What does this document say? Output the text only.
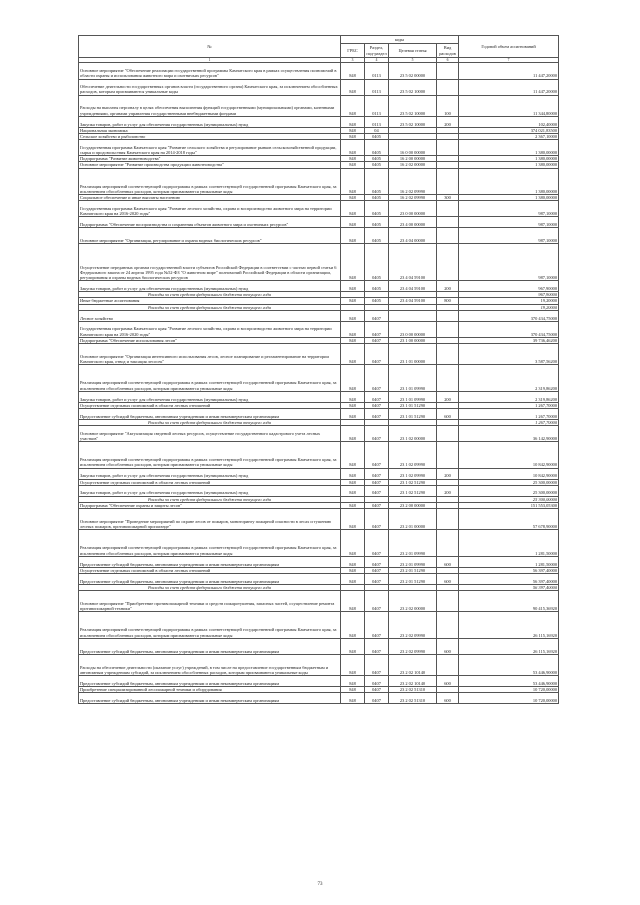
№	коды				Годовой объем ассигнований
	ГРБС	Раздел, под-раздел	Целевая статья	Вид расходов	
1	3	4	5	6	7
Основное мероприятие "Обеспечение реализации государственной программы Камчатского края в рамках осуществления полномочий в области охраны и использования животного мира и охотничьих ресурсов"	848	0113	23 5 02 00000		11 447,20000
Обеспечение деятельности государственных органов власти (государственного органа) Камчатского края, за исключением обособленных расходов, которым присваиваются уникальные коды	848	0113	23 5 02 10000		11 447,20000
Расходы на выплаты персоналу в целях обеспечения выполнения функций государственными (муниципальными) органами, казенными учреждениями, органами управления государственными внебюджетными фондами	848	0113	23 5 02 10000	100	11 344,80000
Закупка товаров, работ и услуг для обеспечения государственных (муниципальных) нужд	848	0113	23 5 02 10000	200	102,40000
Национальная экономика	848	04			374 021,83500
Сельское хозяйство и рыболовство	848	0405			2 367,10000
Государственная программа Камчатского края "Развитие сельского хозяйства и регулирование рынков сельскохозяйственной продукции, сырья и продовольствия Камчатского края на 2014-2018 годы"	848	0405	16 0 00 00000		1 380,00000
Подпрограмма "Развитие животноводства"	848	0405	16 2 00 00000		1 380,00000
Основное мероприятие "Развитие производства продукции животноводства"	848	0405	16 2 02 00000		1 380,00000
Реализация мероприятий соответствующей подпрограммы в рамках соответствующей государственной программы Камчатского края, за исключением обособленных расходов, которым присваиваются уникальные коды	848	0405	16 2 02 09990		1 380,00000
Социальное обеспечение и иные выплаты населению	848	0405	16 2 02 09990	300	1 380,00000
Государственная программа Камчатского края "Развитие лесного хозяйства, охрана и воспроизводство животного мира на территории Камчатского края на 2016-2020 годы"	848	0405	23 0 00 00000		987,10000
Подпрограмма "Обеспечение воспроизводства и сохранения объектов животного мира и охотничьих ресурсов"	848	0405	23 4 00 00000		987,10000
Основное мероприятие "Организация, регулирование и охрана водных биологических ресурсов"	848	0405	23 4 04 00000		987,10000
Осуществление переданных органам государственной власти субъектов Российской Федерации в соответствии с частью первой статьи 6 Федерального закона от 24 апреля 1995 года №52-ФЗ "О животном мире" полномочий Российской Федерации в области организации, регулирования и охраны водных биологических ресурсов	848	0405	23 4 04 59100		987,10000
Закупка товаров, работ и услуг для обеспечения государственных (муниципальных) нужд	848	0405	23 4 04 59100	200	967,90000
Расходы за счет средств федерального бюджета текущего года					967,90000
Иные бюджетные ассигнования	848	0405	23 4 04 59100	800	19,20000
Расходы за счет средств федерального бюджета текущего года					19,20000
Лесное хозяйство	848	0407			370 434,75000
Государственная программа Камчатского края "Развитие лесного хозяйства, охрана и воспроизводство животного мира на территории Камчатского края на 2016-2020 годы"	848	0407	23 0 00 00000		370 434,75000
Подпрограмма "Обеспечение использования лесов"	848	0407	23 1 00 00000		39 736,46200
Основное мероприятие "Организация интенсивного использования лесов, лесное планирование и регламентирование на территории Камчатского края, отвод и таксация лесосек"	848	0407	23 1 01 00000		3 587,56200
Реализация мероприятий соответствующей подпрограммы в рамках соответствующей государственной программы Камчатского края, за исключением обособленных расходов, которым присваиваются уникальные коды	848	0407	23 1 01 09990		2 319,86200
Закупка товаров, работ и услуг для обеспечения государственных (муниципальных) нужд	848	0407	23 1 01 09990	200	2 319,86200
Осуществление отдельных полномочий в области лесных отношений	848	0407	23 1 01 51290		1 267,70000
Предоставление субсидий бюджетным, автономным учреждениям и иным некоммерческим организациям	848	0407	23 1 01 51290	600	1 267,70000
Расходы за счет средств федерального бюджета текущего года					1 267,70000
Основное мероприятие "Актуализация сведений лесных ресурсов, осуществление государственного кадастрового учета лесных участков"	848	0407	23 1 02 00000		36 142,90000
Реализация мероприятий соответствующей подпрограммы в рамках соответствующей государственной программы Камчатского края, за исключением обособленных расходов, которым присваиваются уникальные коды	848	0407	23 1 02 09990		10 842,90000
Закупка товаров, работ и услуг для обеспечения государственных (муниципальных) нужд	848	0407	23 1 02 09990	200	10 842,90000
Осуществление отдельных полномочий в области лесных отношений	848	0407	23 1 02 51290		25 300,00000
Закупка товаров, работ и услуг для обеспечения государственных (муниципальных) нужд	848	0407	23 1 02 51290	200	25 300,00000
Расходы за счет средств федерального бюджета текущего года					25 300,00000
Подпрограмма "Обеспечение охраны и защиты лесов"	848	0407	23 2 00 00000		151 553,05300
Основное мероприятие "Проведение мероприятий по охране лесов от пожаров, мониторингу пожарной опасности в лесах и тушению лесных пожаров, противопожарной пропаганде"	848	0407	23 2 01 00000		57 678,90000
Реализация мероприятий соответствующей подпрограммы в рамках соответствующей государственной программы Камчатского края, за исключением обособленных расходов, которым присваиваются уникальные коды	848	0407	23 2 01 09990		1 281,50000
Предоставление субсидий бюджетным, автономным учреждениям и иным некоммерческим организациям	848	0407	23 2 01 09990	600	1 281,50000
Осуществление отдельных полномочий в области лесных отношений	848	0407	23 2 01 51290		56 397,40000
Предоставление субсидий бюджетным, автономным учреждениям и иным некоммерческим организациям	848	0407	23 2 01 51290	600	56 397,40000
Расходы за счет средств федерального бюджета текущего года					56 397,40000
Основное мероприятие "Приобретение противопожарной техники и средств пожаротушения, запасных частей, осуществление ремонта противопожарной техники"	848	0407	23 2 02 00000		90 415,36920
Реализация мероприятий соответствующей подпрограммы в рамках соответствующей государственной программы Камчатского края, за исключением обособленных расходов, которым присваиваются уникальные коды	848	0407	23 2 02 09990		26 115,16920
Предоставление субсидий бюджетным, автономным учреждениям и иным некоммерческим организациям	848	0407	23 2 02 09990	600	26 115,16920
Расходы на обеспечение деятельности (оказание услуг) учреждений, в том числе на предоставление государственным бюджетным и автономным учреждениям субсидий, за исключением обособленных расходов, которым присваиваются уникальные коды	848	0407	23 2 02 10140		53 446,90000
Предоставление субсидий бюджетным, автономным учреждениям и иным некоммерческим организациям	848	0407	23 2 02 10140	600	53 446,90000
Приобретение специализированной лесопожарной техники и оборудования	848	0407	23 2 02 51310		10 720,00000
Предоставление субсидий бюджетным, автономным учреждениям и иным некоммерческим организациям	848	0407	23 2 02 51310	600	10 720,00000
73
